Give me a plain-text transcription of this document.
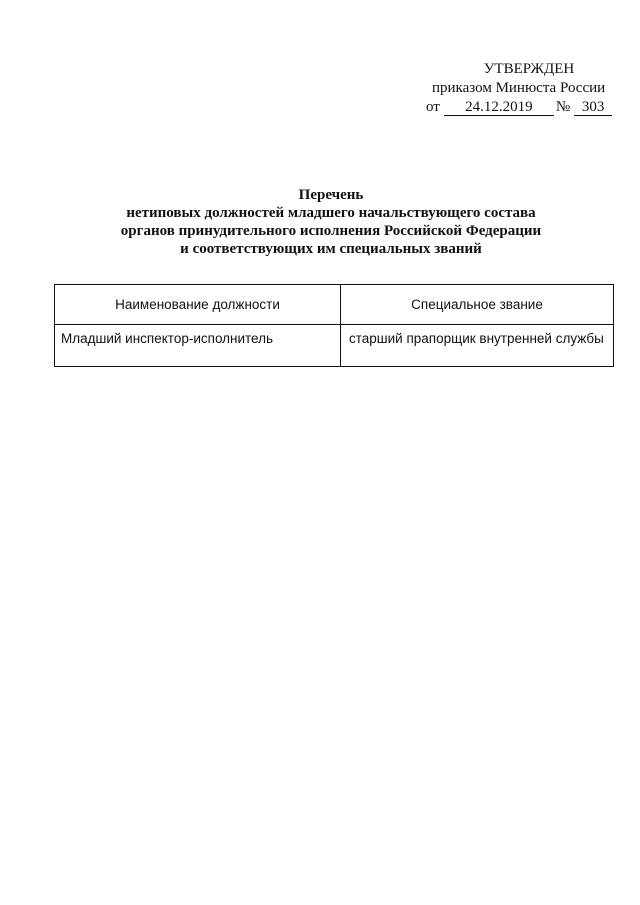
УТВЕРЖДЕН
приказом Минюста России
от 24.12.2019 № 303
Перечень
нетиповых должностей младшего начальствующего состава
органов принудительного исполнения Российской Федерации
и соответствующих им специальных званий
Наименование должности	Специальное звание
Младший инспектор-исполнитель	старший прапорщик внутренней службы
